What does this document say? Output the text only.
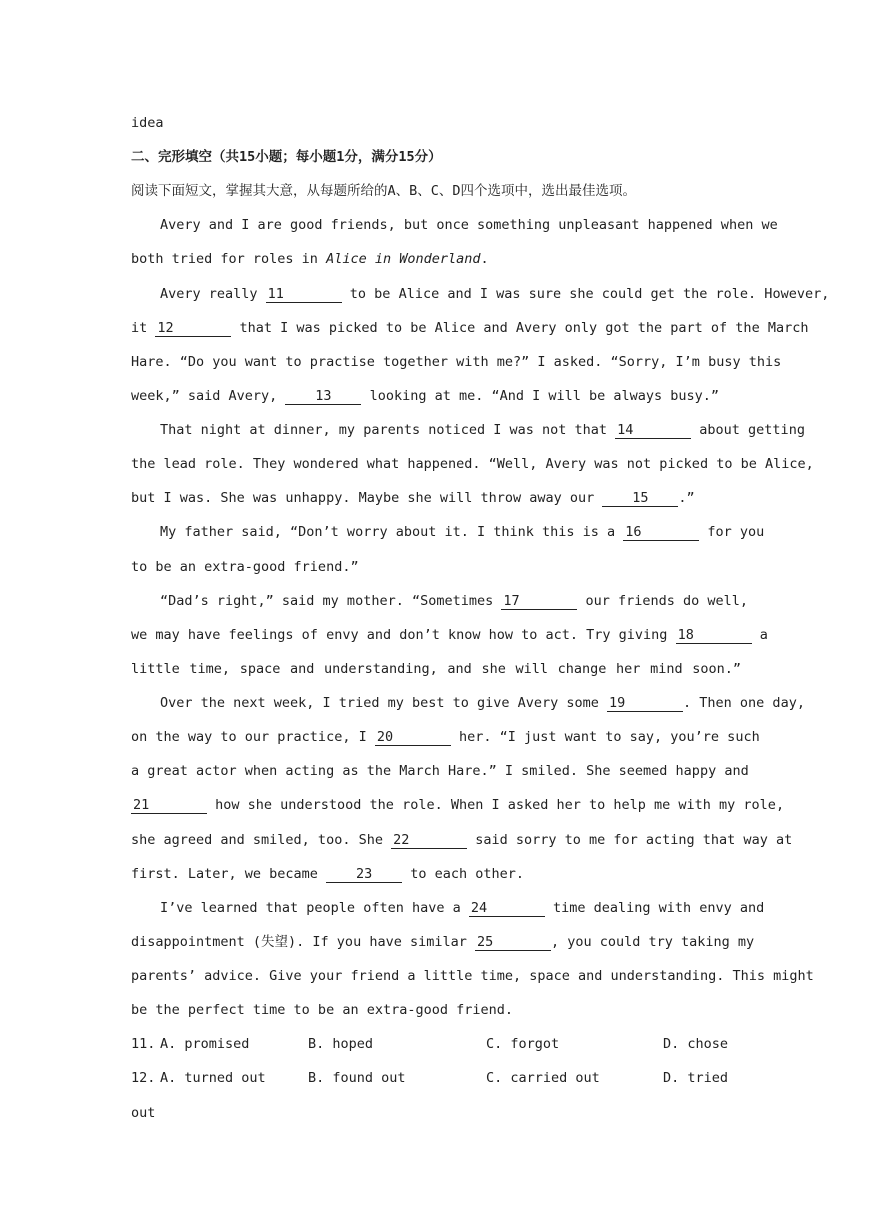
idea
二、完形填空（共15小题；每小题1分，满分15分）
阅读下面短文，掌握其大意，从每题所给的A、B、C、D四个选项中，选出最佳选项。
Avery and I are good friends, but once something unpleasant happened when we
both tried for roles in Alice in Wonderland.
Avery really 11	to be Alice and I was sure she could get the role. However,
it 12	that I was picked to be Alice and Avery only got the part of the March
Hare. “Do you want to practise together with me?” I asked. “Sorry, I’m busy this
week,” said Avery, 13 looking at me. “And I will be always busy.”
That night at dinner, my parents noticed I was not that 14	about getting
the lead role. They wondered what happened. “Well, Avery was not picked to be Alice,
but I was. She was unhappy. Maybe she will throw away our 15 .”
My father said, “Don’t worry about it. I think this is a 16	for you
to be an extra-good friend.”
“Dad’s right,” said my mother. “Sometimes 17	our friends do well,
we may have feelings of envy and don’t know how to act. Try giving 18	a
little time, space and understanding, and she will change her mind soon.”
Over the next week, I tried my best to give Avery some 19	. Then one day,
on the way to our practice, I 20	her. “I just want to say, you’re such
a great actor when acting as the March Hare.” I smiled. She seemed happy and
21	how she understood the role. When I asked her to help me with my role,
she agreed and smiled, too. She 22	said sorry to me for acting that way at
first. Later, we became 23 to each other.
I’ve learned that people often have a 24	time dealing with envy and
disappointment (失望). If you have similar 25	, you could try taking my
parents’ advice. Give your friend a little time, space and understanding. This might
be the perfect time to be an extra-good friend.
11. A. promised	B. hoped	C. forgot	D. chose
12. A. turned out	B. found out	C. carried out	D. tried
out
